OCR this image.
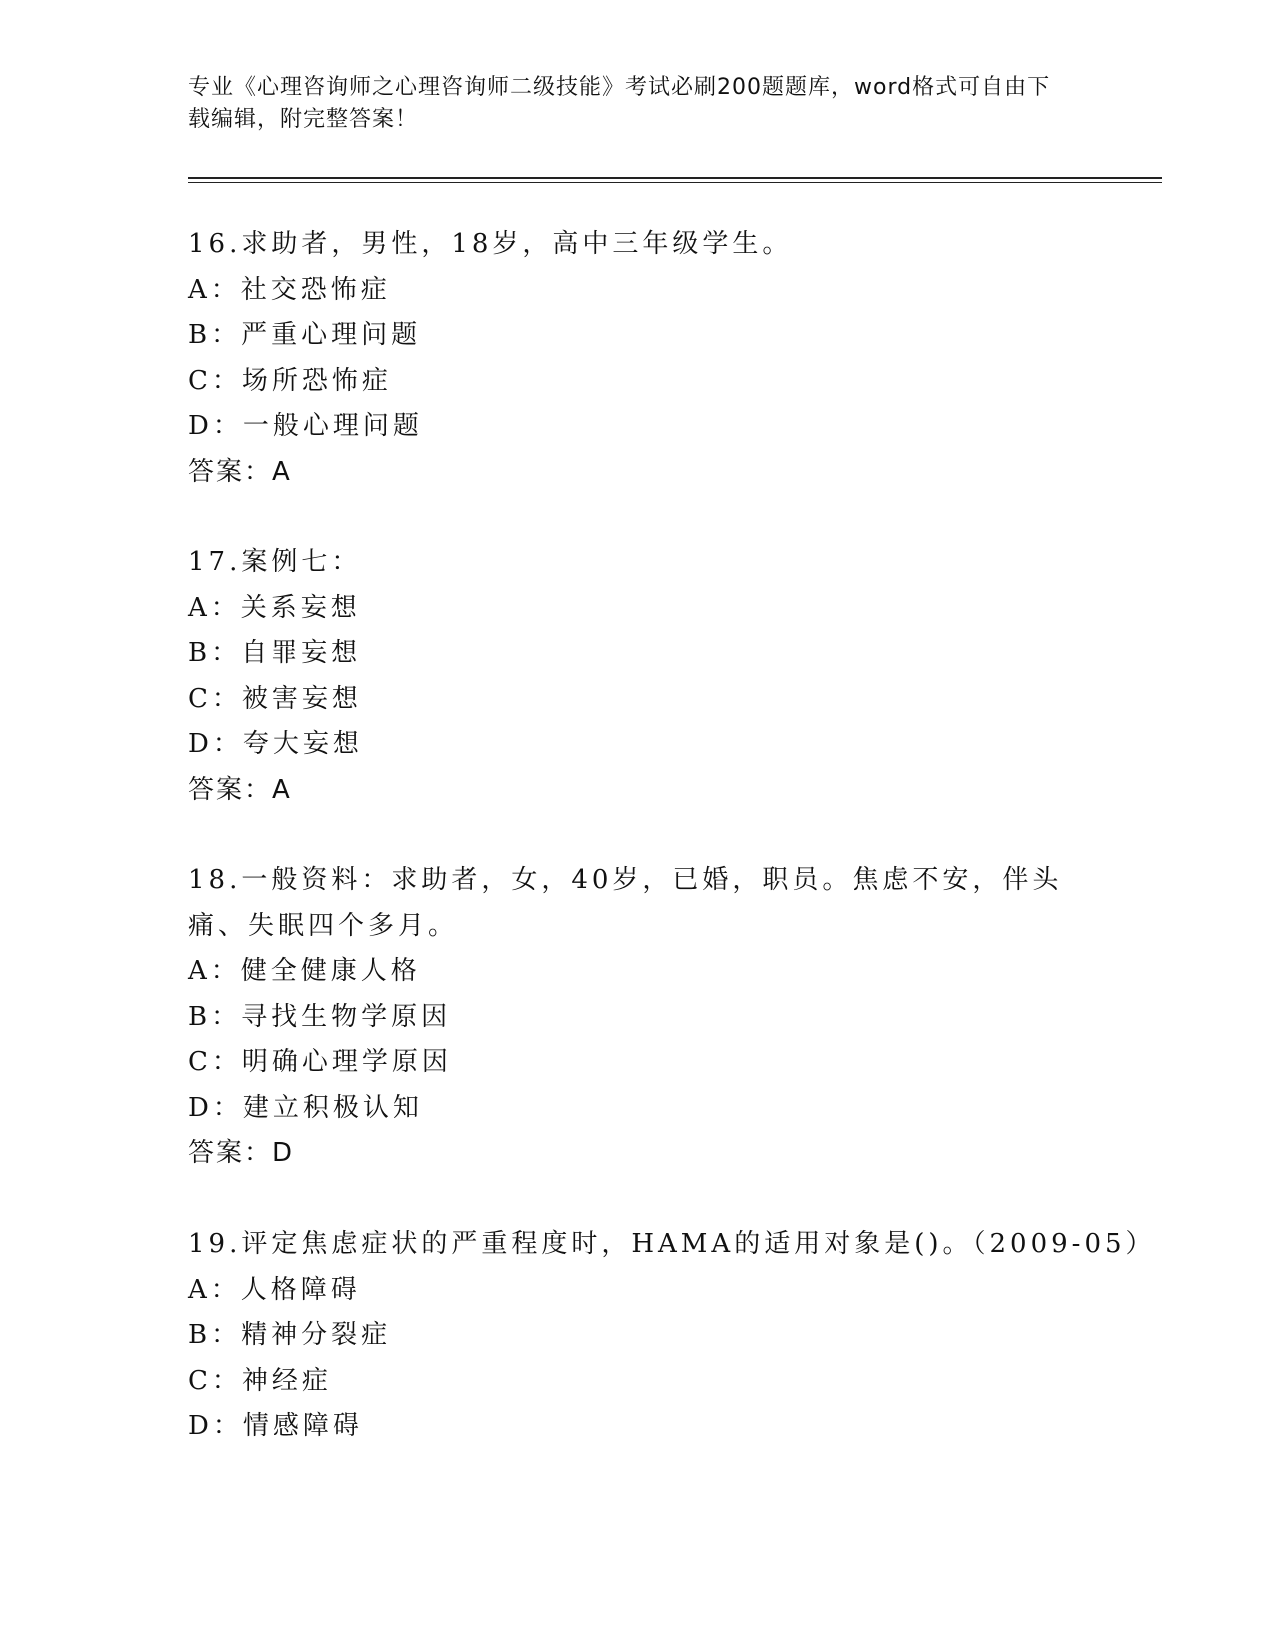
专业《心理咨询师之心理咨询师二级技能》考试必刷200题题库，word格式可自由下载编辑，附完整答案！
16.求助者，男性，18岁，高中三年级学生。
A：社交恐怖症
B：严重心理问题
C：场所恐怖症
D：一般心理问题
答案：A
17.案例七：
A：关系妄想
B：自罪妄想
C：被害妄想
D：夸大妄想
答案：A
18.一般资料：求助者，女，40岁，已婚，职员。焦虑不安，伴头痛、失眠四个多月。
A：健全健康人格
B：寻找生物学原因
C：明确心理学原因
D：建立积极认知
答案：D
19.评定焦虑症状的严重程度时，HAMA的适用对象是()。（2009-05）
A：人格障碍
B：精神分裂症
C：神经症
D：情感障碍
